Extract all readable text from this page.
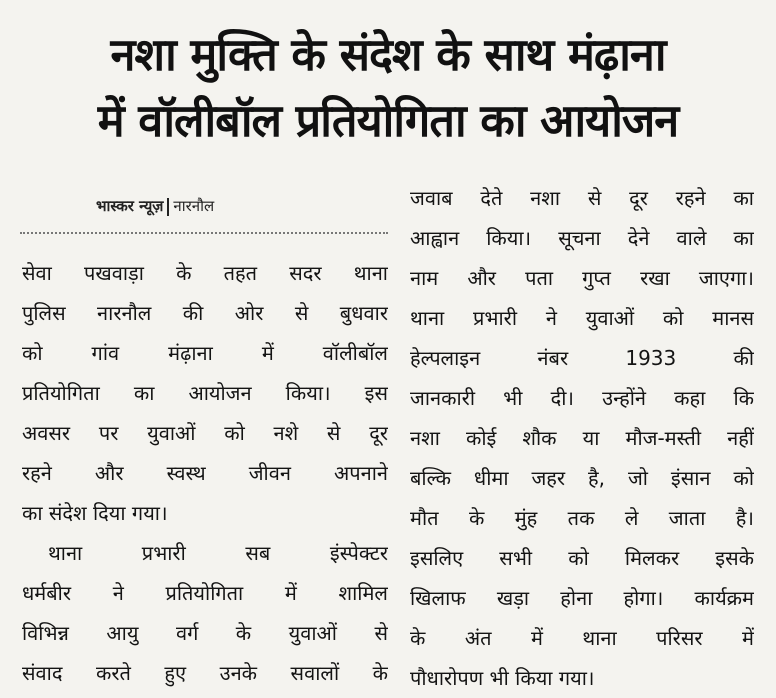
नशा मुक्ति के संदेश के साथ मंढ़ाना
में वॉलीबॉल प्रतियोगिता का आयोजन
भास्कर न्यूज़ नारनौल
सेवा पखवाड़ा के तहत सदर थाना
पुलिस नारनौल की ओर से बुधवार
को गांव मंढ़ाना में वॉलीबॉल
प्रतियोगिता का आयोजन किया। इस
अवसर पर युवाओं को नशे से दूर
रहने और स्वस्थ जीवन अपनाने
का संदेश दिया गया।
थाना प्रभारी सब इंस्पेक्टर
धर्मबीर ने प्रतियोगिता में शामिल
विभिन्न आयु वर्ग के युवाओं से
संवाद करते हुए उनके सवालों के
जवाब देते नशा से दूर रहने का
आह्वान किया। सूचना देने वाले का
नाम और पता गुप्त रखा जाएगा।
थाना प्रभारी ने युवाओं को मानस
हेल्पलाइन नंबर 1933 की
जानकारी भी दी। उन्होंने कहा कि
नशा कोई शौक या मौज-मस्ती नहीं
बल्कि धीमा जहर है, जो इंसान को
मौत के मुंह तक ले जाता है।
इसलिए सभी को मिलकर इसके
खिलाफ खड़ा होना होगा। कार्यक्रम
के अंत में थाना परिसर में
पौधारोपण भी किया गया।
